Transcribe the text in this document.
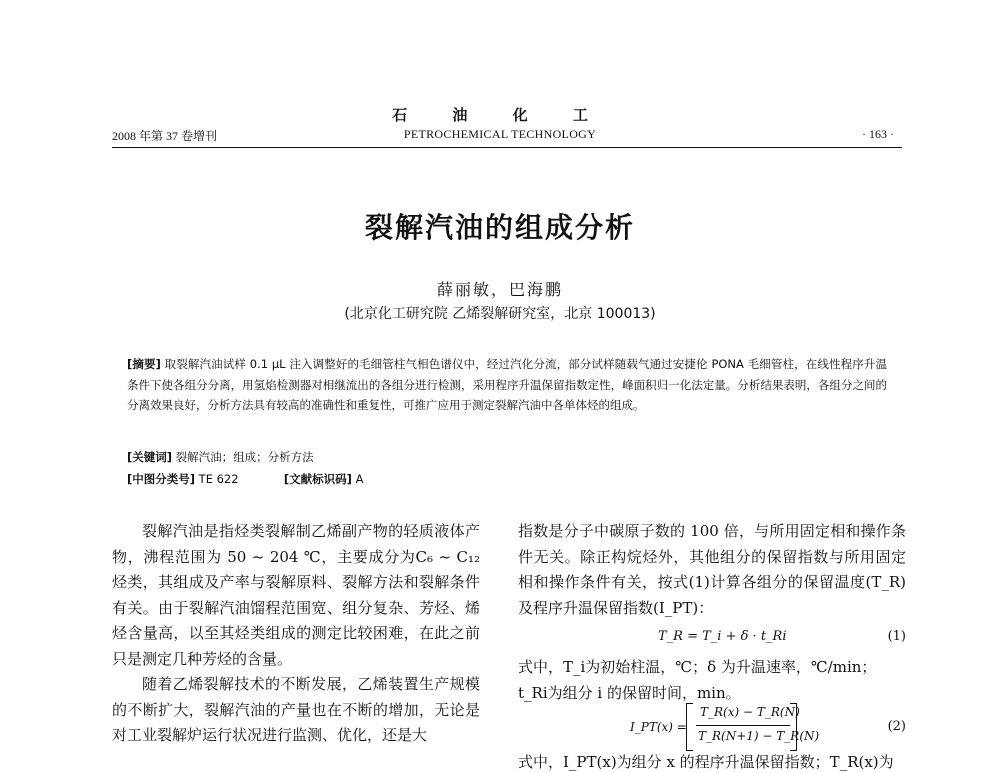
石 油 化 工
PETROCHEMICAL TECHNOLOGY
2008 年第 37 卷增刊	· 163 ·
裂解汽油的组成分析
薛丽敏，巴海鹏
(北京化工研究院 乙烯裂解研究室，北京 100013)
[摘要] 取裂解汽油试样 0.1 μL 注入调整好的毛细管柱气相色谱仪中，经过汽化分流，部分试样随载气通过安捷伦 PONA 毛细管柱，在线性程序升温条件下使各组分分离，用氢焰检测器对相继流出的各组分进行检测，采用程序升温保留指数定性，峰面积归一化法定量。分析结果表明，各组分之间的分离效果良好，分析方法具有较高的准确性和重复性，可推广应用于测定裂解汽油中各单体烃的组成。
[关键词] 裂解汽油；组成；分析方法
[中图分类号] TE 622	[文献标识码] A

裂解汽油是指烃类裂解制乙烯副产物的轻质液体产物，沸程范围为 50 ~ 204 ℃，主要成分为C₆ ~ C₁₂烃类，其组成及产率与裂解原料、裂解方法和裂解条件有关。由于裂解汽油馏程范围宽、组分复杂、芳烃、烯烃含量高，以至其烃类组成的测定比较困难，在此之前只是测定几种芳烃的含量。

随着乙烯裂解技术的不断发展，乙烯装置生产规模的不断扩大，裂解汽油的产量也在不断的增加，无论是对工业裂解炉运行状况进行监测、优化，还是大

指数是分子中碳原子数的 100 倍，与所用固定相和操作条件无关。除正构烷烃外，其他组分的保留指数与所用固定相和操作条件有关，按式(1)计算各组分的保留温度(T_R)及程序升温保留指数(I_PT)：

T_R = T_i + δ · t_Ri	(1)
式中，T_i为初始柱温，℃；δ 为升温速率，℃/min；t_Ri为组分 i 的保留时间，min。
I_PT(x) =
T_R(x) − T_R(N)
T_R(N+1) − T_R(N)
(2)
式中，I_PT(x)为组分 x 的程序升温保留指数；T_R(x)为
